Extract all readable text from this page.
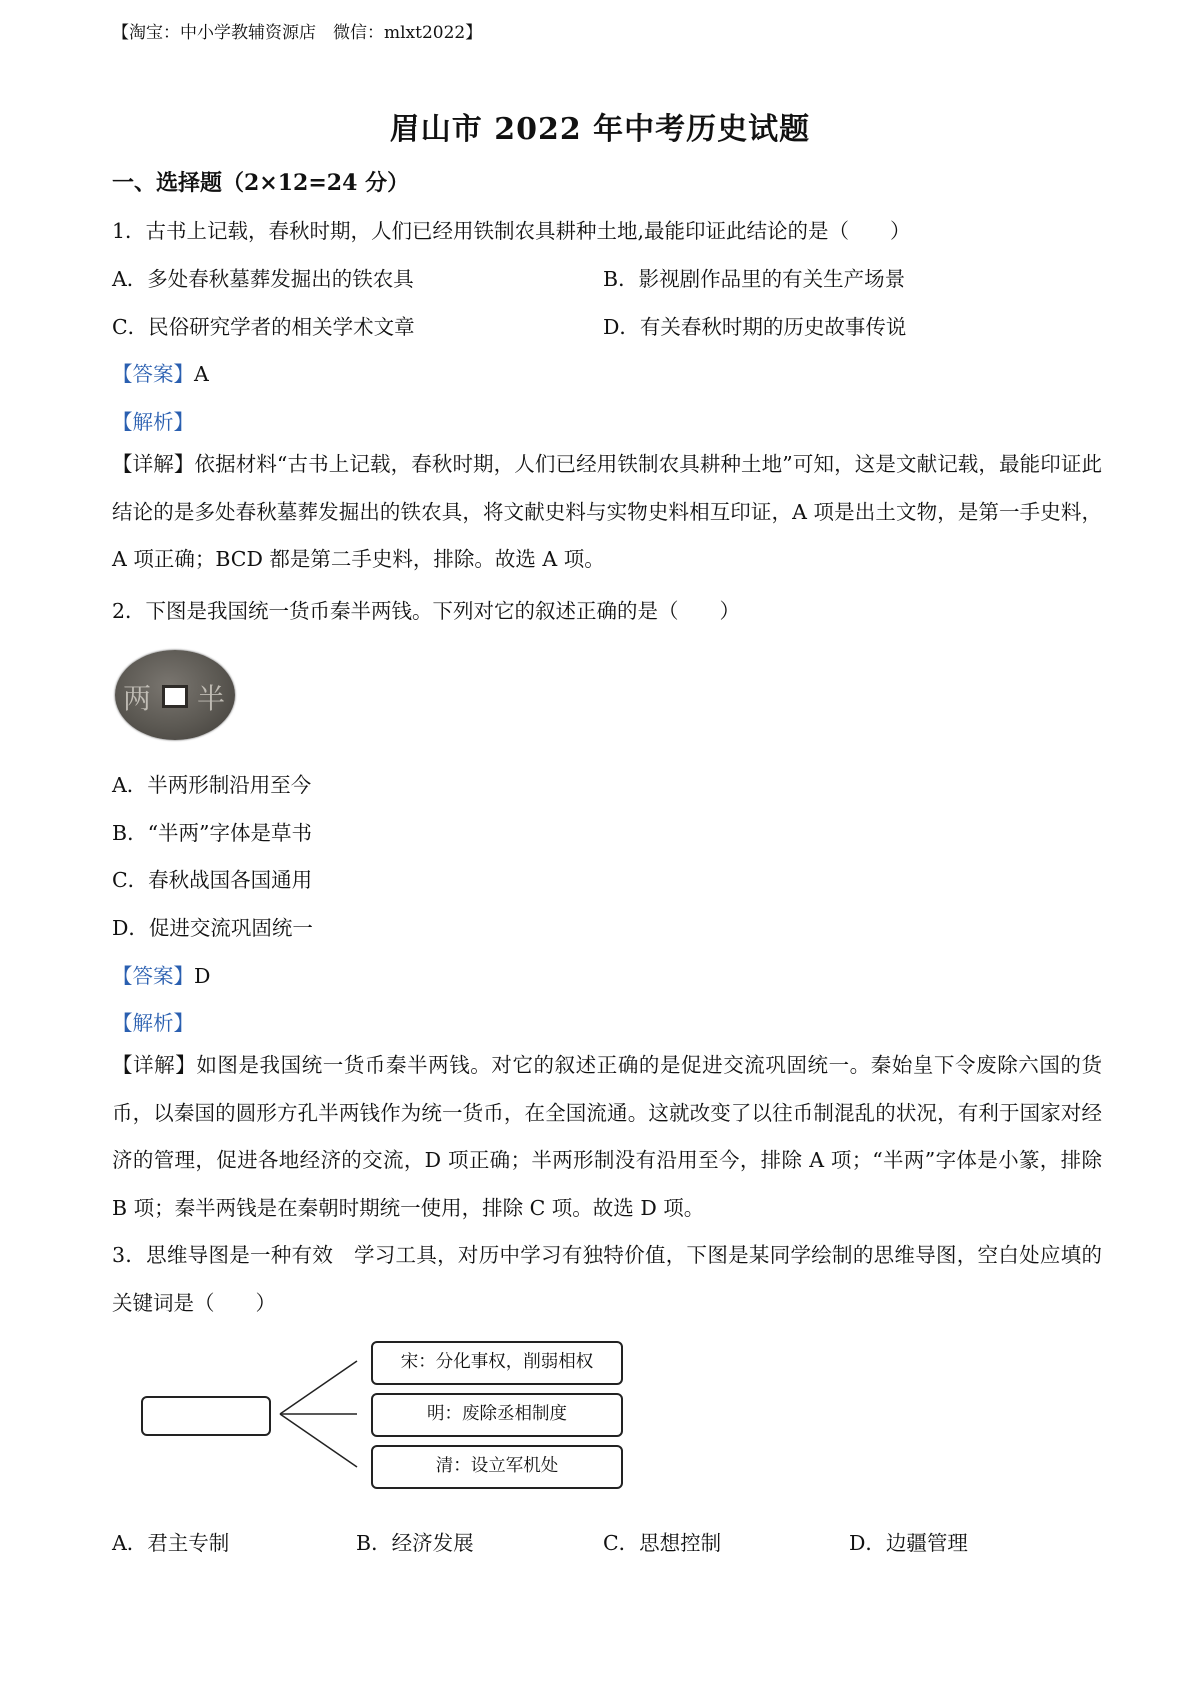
【淘宝：中小学教辅资源店　微信：mlxt2022】
眉山市 2022 年中考历史试题
一、选择题（2×12=24 分）
1．古书上记载，春秋时期，人们已经用铁制农具耕种土地,最能印证此结论的是（　　）
A．多处春秋墓葬发掘出的铁农具	B．影视剧作品里的有关生产场景
C．民俗研究学者的相关学术文章	D．有关春秋时期的历史故事传说
【答案】A
【解析】
【详解】依据材料“古书上记载，春秋时期，人们已经用铁制农具耕种土地”可知，这是文献记载，最能印证此结论的是多处春秋墓葬发掘出的铁农具，将文献史料与实物史料相互印证，A 项是出土文物，是第一手史料，A 项正确；BCD 都是第二手史料，排除。故选 A 项。
2．下图是我国统一货币秦半两钱。下列对它的叙述正确的是（　　）
两 半
A．半两形制沿用至今
B．“半两”字体是草书
C．春秋战国各国通用
D．促进交流巩固统一
【答案】D
【解析】
【详解】如图是我国统一货币秦半两钱。对它的叙述正确的是促进交流巩固统一。秦始皇下令废除六国的货币，以秦国的圆形方孔半两钱作为统一货币，在全国流通。这就改变了以往币制混乱的状况，有利于国家对经济的管理，促进各地经济的交流，D 项正确；半两形制没有沿用至今，排除 A 项；“半两”字体是小篆，排除 B 项；秦半两钱是在秦朝时期统一使用，排除 C 项。故选 D 项。
3．思维导图是一种有效　学习工具，对历中学习有独特价值，下图是某同学绘制的思维导图，空白处应填的关键词是（　　）
宋：分化事权，削弱相权
明：废除丞相制度
清：设立军机处
A．君主专制	B．经济发展	C．思想控制	D．边疆管理
